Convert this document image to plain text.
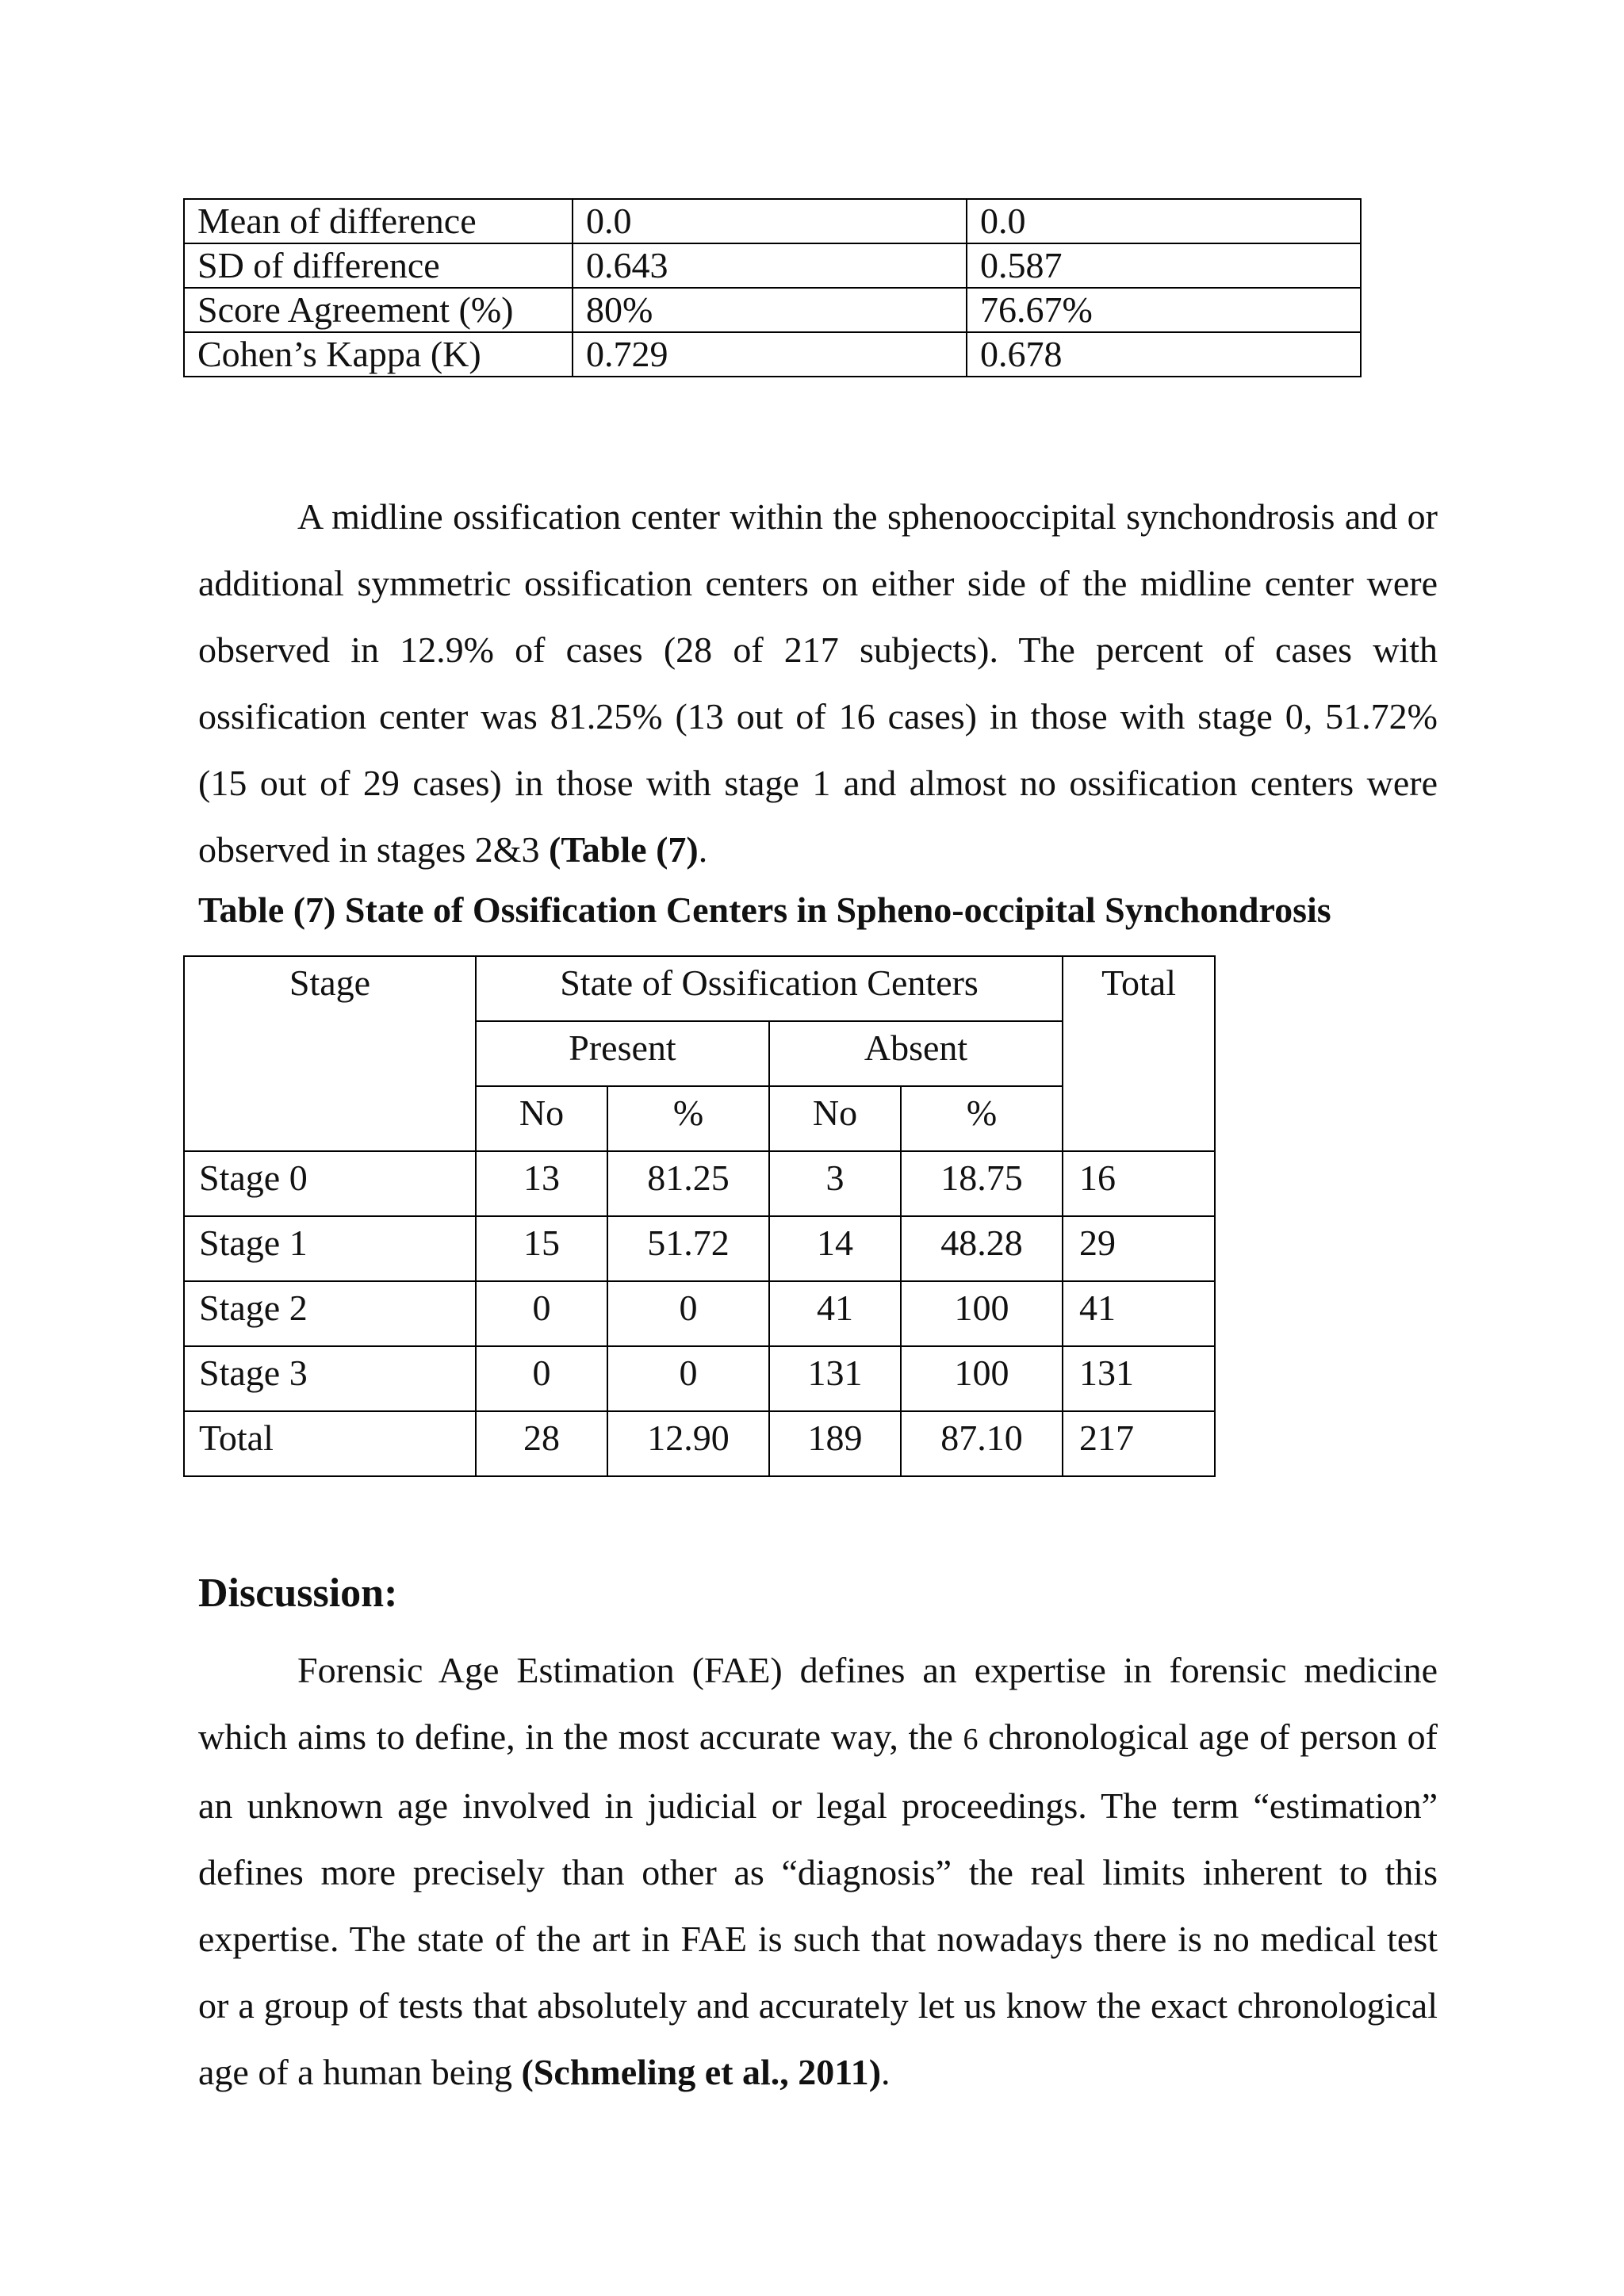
Mean of difference	0.0	0.0
SD of difference	0.643	0.587
Score Agreement (%)	80%	76.67%
Cohen’s Kappa (Κ)	0.729	0.678

A midline ossification center within the sphenooccipital synchondrosis and or additional symmetric ossification centers on either side of the midline center were observed in 12.9% of cases (28 of 217 subjects). The percent of cases with ossification center was 81.25% (13 out of 16 cases) in those with stage 0, 51.72% (15 out of 29 cases) in those with stage 1 and almost no ossification centers were observed in stages 2&3 (Table (7).

Table (7) State of Ossification Centers in Spheno-occipital Synchondrosis

Stage	State of Ossification Centers				Total
	Present		Absent		
	No	%	No	%	
Stage 0	13	81.25	3	18.75	16
Stage 1	15	51.72	14	48.28	29
Stage 2	0	0	41	100	41
Stage 3	0	0	131	100	131
Total	28	12.90	189	87.10	217
Discussion:

Forensic Age Estimation (FAE) defines an expertise in forensic medicine which aims to define, in the most accurate way, the 6 chronological age of person of an unknown age involved in judicial or legal proceedings. The term “estimation” defines more precisely than other as “diagnosis” the real limits inherent to this expertise. The state of the art in FAE is such that nowadays there is no medical test or a group of tests that absolutely and accurately let us know the exact chronological age of a human being (Schmeling et al., 2011).
